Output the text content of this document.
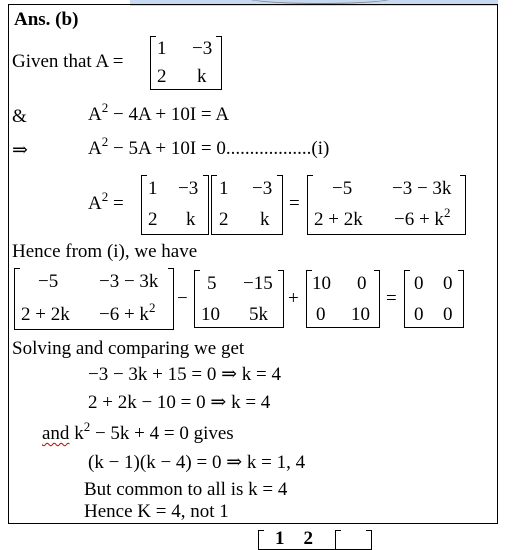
Ans. (b)
Given that A =
1 −3
2 k
&	$A^2 - 4A + 10I = A$
⇒	$A^2 - 5A + 10I = 0..................(i)$
$A^2$ =
1 −3
2 k
1 −3
2 k
=
−5 −3 − 3k
$2 + 2k -6 + k^2$
Hence from (i), we have
−5 −3 − 3k
$2 + 2k -6 + k^2$ −
5 −15
10 5k
+
10 0
0 10
=
0 0
0 0
Solving and comparing we get
−3 − 3k + 15 = 0 ⇒ k = 4
2 + 2k − 10 = 0 ⇒ k = 4
and $k^2 - 5k + 4 = 0$ gives
(k − 1)(k − 4) = 0 ⇒ k = 1, 4
But common to all is k = 4
Hence K = 4, not 1
1    2
